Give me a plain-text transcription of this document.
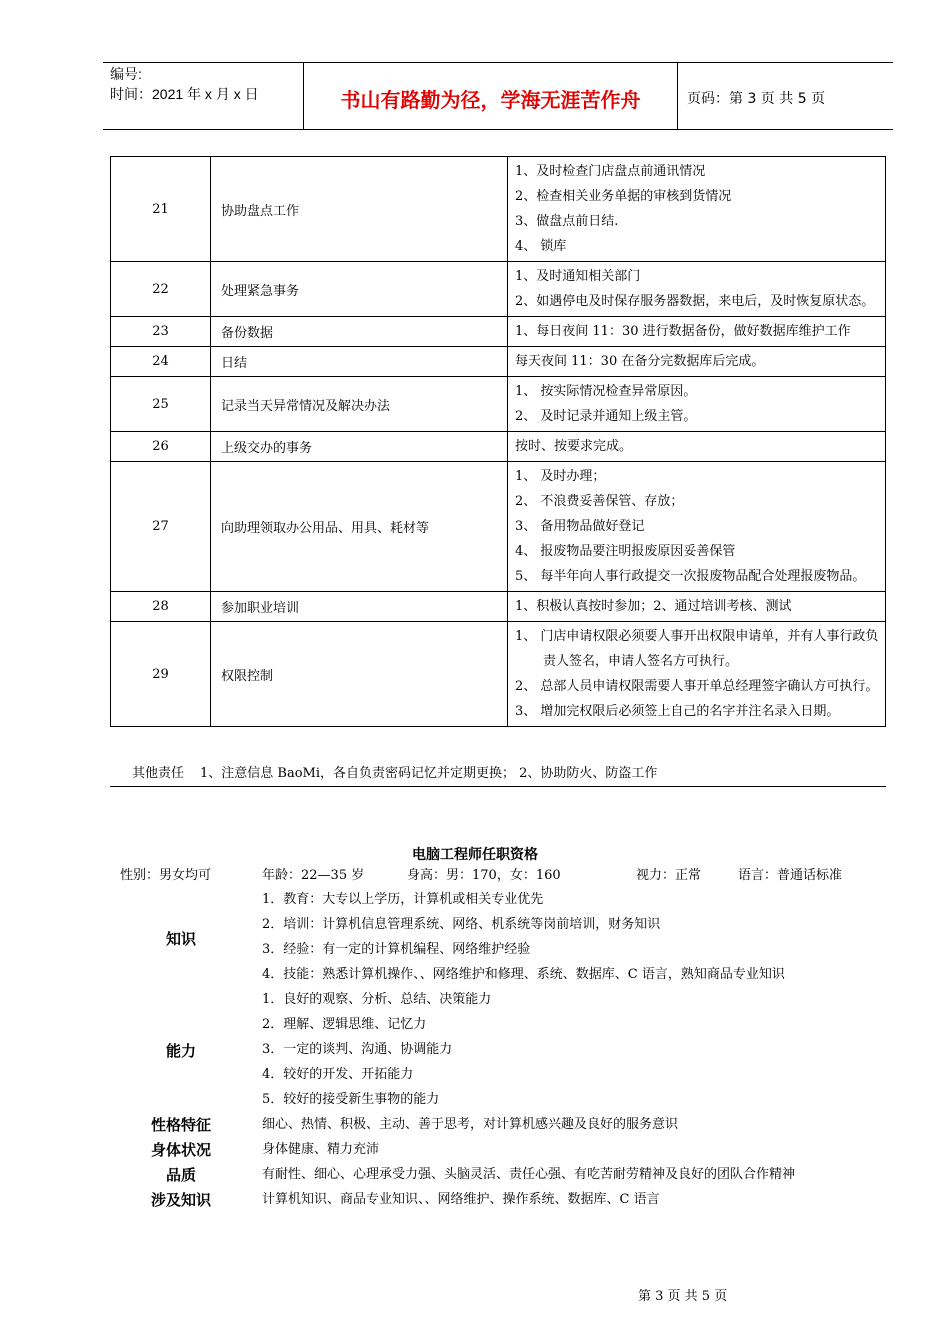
编号:
时间：2021 年 x 月 x 日	书山有路勤为径，学海无涯苦作舟	页码：第 3 页 共 5 页
21	协助盘点工作	1、及时检查门店盘点前通讯情况
2、检查相关业务单据的审核到货情况
3、做盘点前日结.
4、 锁库

22	处理紧急事务	1、及时通知相关部门
2、如遇停电及时保存服务器数据，来电后，及时恢复原状态。

23	备份数据	1、每日夜间 11：30 进行数据备份，做好数据库维护工作

24	日结	每天夜间 11：30 在备分完数据库后完成。

25	记录当天异常情况及解决办法	1、 按实际情况检查异常原因。
2、 及时记录并通知上级主管。

26	上级交办的事务	按时、按要求完成。

27	向助理领取办公用品、用具、耗材等	1、 及时办理；
2、 不浪费妥善保管、存放；
3、 备用物品做好登记
4、 报废物品要注明报废原因妥善保管
5、 每半年向人事行政提交一次报废物品配合处理报废物品。

28	参加职业培训	1、积极认真按时参加；2、通过培训考核、测试

29	权限控制	1、 门店申请权限必须要人事开出权限申请单，并有人事行政负责人签名，申请人签名方可执行。
2、 总部人员申请权限需要人事开单总经理签字确认方可执行。
3、 增加完权限后必须签上自己的名字并注名录入日期。
其他责任 1、注意信息 BaoMi，各自负责密码记忆并定期更换； 2、协助防火、防盗工作
电脑工程师任职资格
性别：男女均可	年龄：22—35 岁	身高：男：170，女：160	视力：正常	语言：普通话标准
知识
1．教育：大专以上学历，计算机或相关专业优先
2．培训：计算机信息管理系统、网络、机系统等岗前培训，财务知识
3．经验：有一定的计算机编程、网络维护经验
4．技能：熟悉计算机操作、、网络维护和修理、系统、数据库、C 语言，熟知商品专业知识
能力
1．良好的观察、分析、总结、决策能力
2．理解、逻辑思维、记忆力
3．一定的谈判、沟通、协调能力
4．较好的开发、开拓能力
5．较好的接受新生事物的能力
性格特征	细心、热情、积极、主动、善于思考，对计算机感兴趣及良好的服务意识
身体状况	身体健康、精力充沛
品质	有耐性、细心、心理承受力强、头脑灵活、责任心强、有吃苦耐劳精神及良好的团队合作精神
涉及知识	计算机知识、商品专业知识、、网络维护、操作系统、数据库、C 语言
第 3 页 共 5 页
